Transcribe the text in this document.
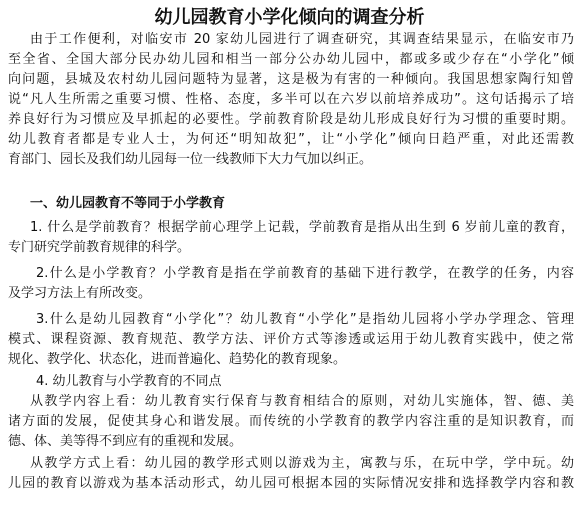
幼儿园教育小学化倾向的调查分析
由于工作便利，对临安市 20 家幼儿园进行了调查研究，其调查结果显示，在临安市乃
至全省、全国大部分民办幼儿园和相当一部分公办幼儿园中，都或多或少存在“小学化”倾
向问题，县城及农村幼儿园问题特为显著，这是极为有害的一种倾向。我国思想家陶行知曾
说“凡人生所需之重要习惯、性格、态度，多半可以在六岁以前培养成功”。这句话揭示了培
养良好行为习惯应及早抓起的必要性。学前教育阶段是幼儿形成良好行为习惯的重要时期。
幼儿教育者都是专业人士，为何还“明知故犯”，让“小学化”倾向日趋严重，对此还需教
育部门、园长及我们幼儿园每一位一线教师下大力气加以纠正。
一、幼儿园教育不等同于小学教育
1. 什么是学前教育？根据学前心理学上记载，学前教育是指从出生到 6 岁前儿童的教育，
专门研究学前教育规律的科学。
2.什么是小学教育？小学教育是指在学前教育的基础下进行教学，在教学的任务，内容
及学习方法上有所改变。
3.什么是幼儿园教育“小学化”？幼儿教育“小学化”是指幼儿园将小学办学理念、管理
模式、课程资源、教育规范、教学方法、评价方式等渗透或运用于幼儿教育实践中，使之常
规化、教学化、状态化，进而普遍化、趋势化的教育现象。
4. 幼儿教育与小学教育的不同点
从教学内容上看：幼儿教育实行保育与教育相结合的原则，对幼儿实施体，智、德、美
诸方面的发展，促使其身心和谐发展。而传统的小学教育的教学内容注重的是知识教育，而
德、体、美等得不到应有的重视和发展。
从教学方式上看：幼儿园的教学形式则以游戏为主，寓教与乐，在玩中学，学中玩。幼
儿园的教育以游戏为基本活动形式，幼儿园可根据本园的实际情况安排和选择教学内容和教
